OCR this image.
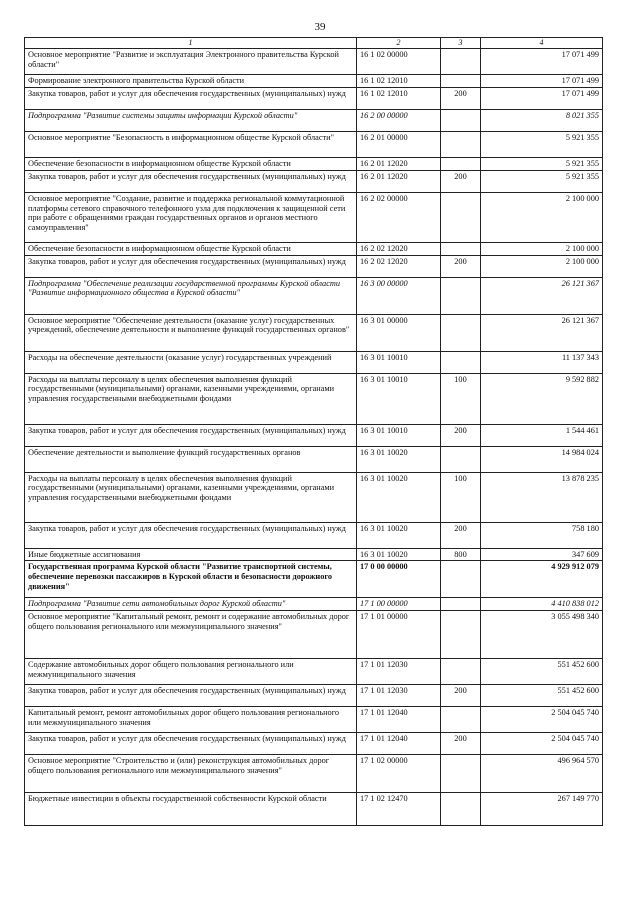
39
1	2	3	4
Основное мероприятие "Развитие и эксплуатация Электронного правительства Курской области"	16 1 02 00000		17 071 499
Формирование электронного правительства Курской области	16 1 02 12010		17 071 499
Закупка товаров, работ и услуг для обеспечения государственных (муниципальных) нужд	16 1 02 12010	200	17 071 499
Подпрограмма "Развитие системы защиты информации Курской области"	16 2 00 00000		8 021 355
Основное мероприятие "Безопасность в информационном обществе Курской области"	16 2 01 00000		5 921 355
Обеспечение безопасности в информационном обществе Курской области	16 2 01 12020		5 921 355
Закупка товаров, работ и услуг для обеспечения государственных (муниципальных) нужд	16 2 01 12020	200	5 921 355
Основное мероприятие "Создание, развитие и поддержка региональной коммутационной платформы сетевого справочного телефонного узла для подключения к защищенной сети при работе с обращениями граждан государственных органов и органов местного самоуправления"	16 2 02 00000		2 100 000
Обеспечение безопасности в информационном обществе Курской области	16 2 02 12020		2 100 000
Закупка товаров, работ и услуг для обеспечения государственных (муниципальных) нужд	16 2 02 12020	200	2 100 000
Подпрограмма "Обеспечение реализации государственной программы Курской области "Развитие информационного общества в Курской области"	16 3 00 00000		26 121 367
Основное мероприятие "Обеспечение деятельности (оказание услуг) государственных учреждений, обеспечение деятельности и выполнение функций государственных органов"	16 3 01 00000		26 121 367
Расходы на обеспечение деятельности (оказание услуг) государственных учреждений	16 3 01 10010		11 137 343
Расходы на выплаты персоналу в целях обеспечения выполнения функций государственными (муниципальными) органами, казенными учреждениями, органами управления государственными внебюджетными фондами	16 3 01 10010	100	9 592 882
Закупка товаров, работ и услуг для обеспечения государственных (муниципальных) нужд	16 3 01 10010	200	1 544 461
Обеспечение деятельности и выполнение функций государственных органов	16 3 01 10020		14 984 024
Расходы на выплаты персоналу в целях обеспечения выполнения функций государственными (муниципальными) органами, казенными учреждениями, органами управления государственными внебюджетными фондами	16 3 01 10020	100	13 878 235
Закупка товаров, работ и услуг для обеспечения государственных (муниципальных) нужд	16 3 01 10020	200	758 180
Иные бюджетные ассигнования	16 3 01 10020	800	347 609
Государственная программа Курской области "Развитие транспортной системы, обеспечение перевозки пассажиров в Курской области и безопасности дорожного движения"	17 0 00 00000		4 929 912 079
Подпрограмма "Развитие сети автомобильных дорог Курской области"	17 1 00 00000		4 410 838 012
Основное мероприятие "Капитальный ремонт, ремонт и содержание автомобильных дорог общего пользования регионального или межмуниципального значения"	17 1 01 00000		3 055 498 340
Содержание автомобильных дорог общего пользования регионального или межмуниципального значения	17 1 01 12030		551 452 600
Закупка товаров, работ и услуг для обеспечения государственных (муниципальных) нужд	17 1 01 12030	200	551 452 600
Капитальный ремонт, ремонт автомобильных дорог общего пользования регионального или межмуниципального значения	17 1 01 12040		2 504 045 740
Закупка товаров, работ и услуг для обеспечения государственных (муниципальных) нужд	17 1 01 12040	200	2 504 045 740
Основное мероприятие "Строительство и (или) реконструкция автомобильных дорог общего пользования регионального или межмуниципального значения"	17 1 02 00000		496 964 570
Бюджетные инвестиции в объекты государственной собственности Курской области	17 1 02 12470		267 149 770
